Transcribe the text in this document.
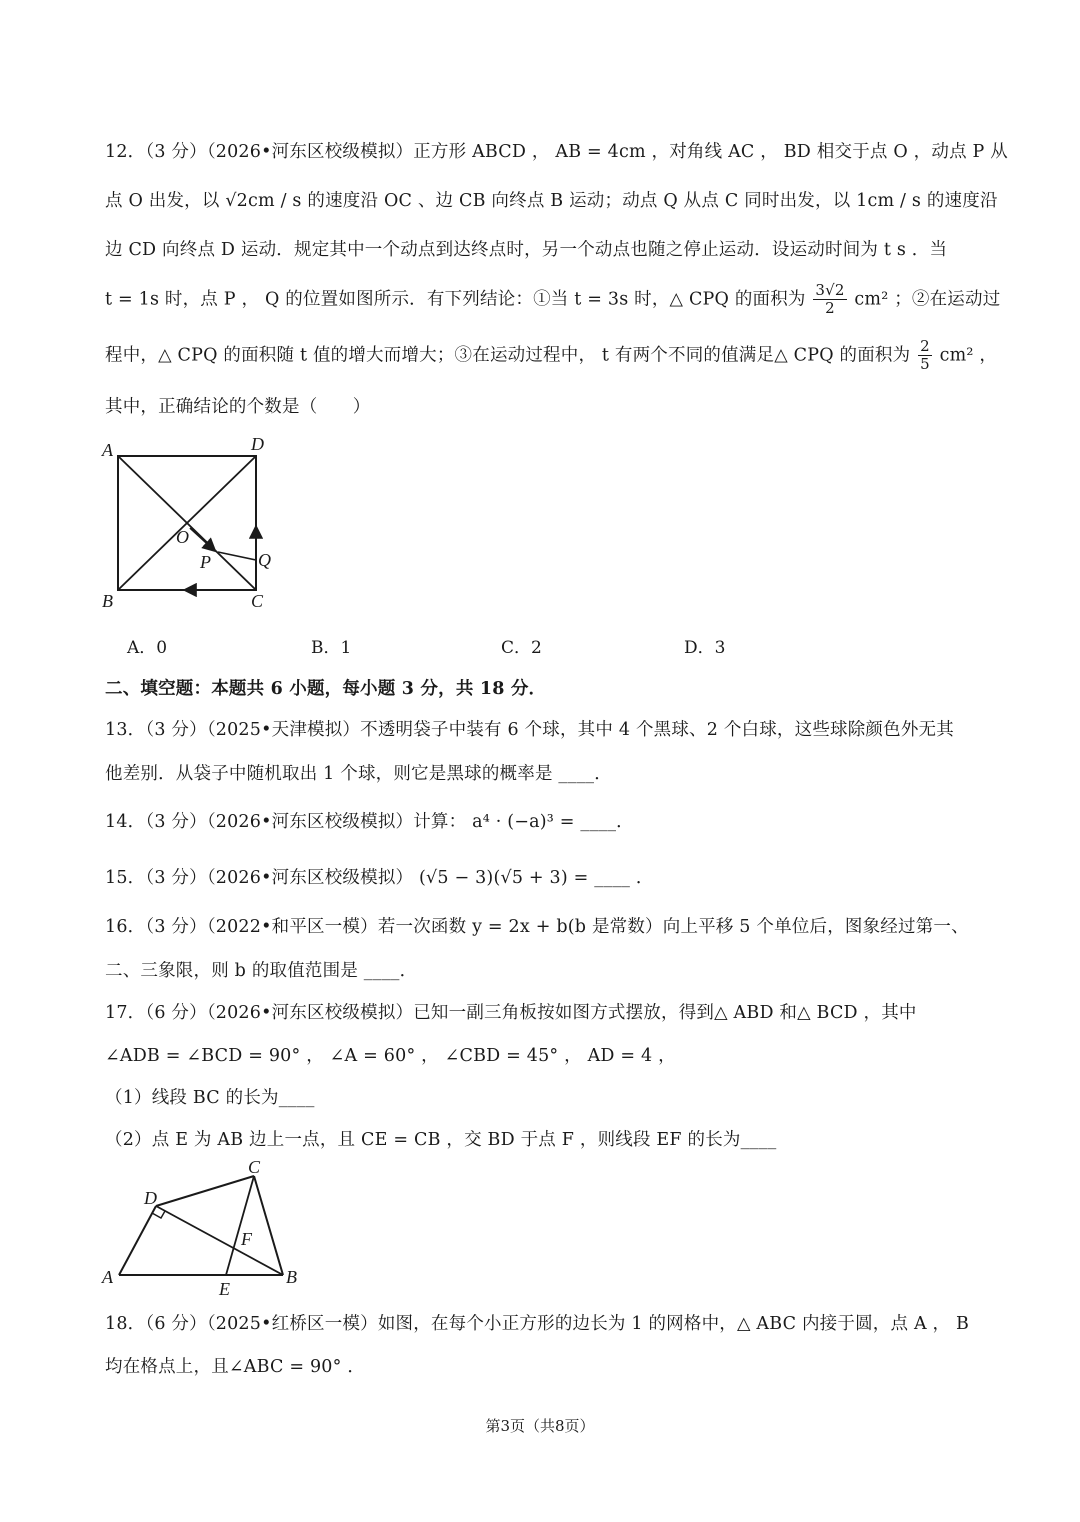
12．（3 分）（2026•河东区校级模拟）正方形 ABCD ， AB = 4cm ，对角线 AC ， BD 相交于点 O ，动点 P 从
点 O 出发，以 √2cm / s 的速度沿 OC 、边 CB 向终点 B 运动；动点 Q 从点 C 同时出发，以 1cm / s 的速度沿
边 CD 向终点 D 运动．规定其中一个动点到达终点时，另一个动点也随之停止运动．设运动时间为 t s ．当
t = 1s 时，点 P ， Q 的位置如图所示．有下列结论：①当 t = 3s 时，△ CPQ 的面积为 $\frac{3√2}{2} cm^2$ ；②在运动过
程中，△ CPQ 的面积随 t 值的增大而增大；③在运动过程中， t 有两个不同的值满足△ CPQ 的面积为 $\frac{2}{5} cm^2$ ，
其中，正确结论的个数是（　　）
A	D
B	C
O
P	Q
A．0	B．1	C．2	D．3
二、填空题：本题共 6 小题，每小题 3 分，共 18 分．
13．（3 分）（2025•天津模拟）不透明袋子中装有 6 个球，其中 4 个黑球、2 个白球，这些球除颜色外无其
他差别．从袋子中随机取出 1 个球，则它是黑球的概率是 ____．
14．（3 分）（2026•河东区校级模拟）计算： a⁴ · (−a)³ = ____．
15．（3 分）（2026•河东区校级模拟） (√5 − 3)(√5 + 3) = ____ ．
16．（3 分）（2022•和平区一模）若一次函数 y = 2x + b(b 是常数）向上平移 5 个单位后，图象经过第一、
二、三象限，则 b 的取值范围是 ____．
17．（6 分）（2026•河东区校级模拟）已知一副三角板按如图方式摆放，得到△ ABD 和△ BCD ，其中
∠ADB = ∠BCD = 90° ， ∠A = 60° ， ∠CBD = 45° ， AD = 4 ，
（1）线段 BC 的长为____
（2）点 E 为 AB 边上一点，且 CE = CB ，交 BD 于点 F ，则线段 EF 的长为____
A	B
C
D
E
F
18．（6 分）（2025•红桥区一模）如图，在每个小正方形的边长为 1 的网格中，△ ABC 内接于圆，点 A ， B
均在格点上，且∠ABC = 90° ．
第3页（共8页）
